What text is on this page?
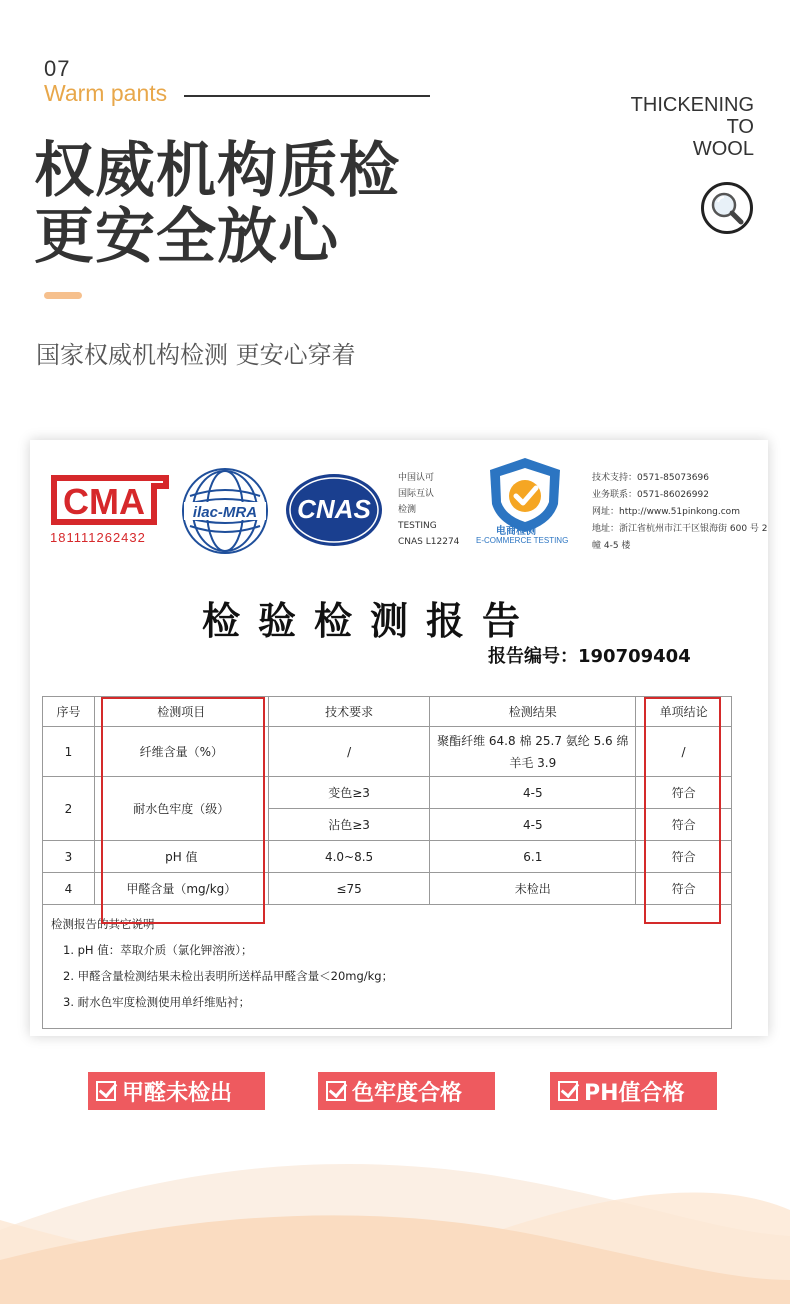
07
Warm pants	THICKENING
TO
WOOL
权威机构质检
更安全放心
国家权威机构检测 更安心穿着
CMA
181111262432
ilac-MRA CNAS
中国认可
国际互认
检测
TESTING
CNAS L12274
电商检测
E-COMMERCE TESTING
技术支持：0571-85073696
业务联系：0571-86026992
网址：http://www.51pinkong.com
地址：浙江省杭州市江干区银海街 600 号 2 幢 4-5 楼
检验检测报告
报告编号：190709404
序号	检测项目	技术要求	检测结果	单项结论
1	纤维含量（%）	/	聚酯纤维 64.8 棉 25.7 氨纶 5.6 绵羊毛 3.9	/
2	耐水色牢度（级）	变色≥3	4-5	符合
		沾色≥3	4-5	符合
3	pH 值	4.0~8.5	6.1	符合
4	甲醛含量（mg/kg）	≤75	未检出	符合

检测报告的其它说明
1. pH 值：萃取介质（氯化钾溶液）；
2. 甲醛含量检测结果未检出表明所送样品甲醛含量＜20mg/kg；
3. 耐水色牢度检测使用单纤维贴衬；				
甲醛未检出	色牢度合格	PH值合格
